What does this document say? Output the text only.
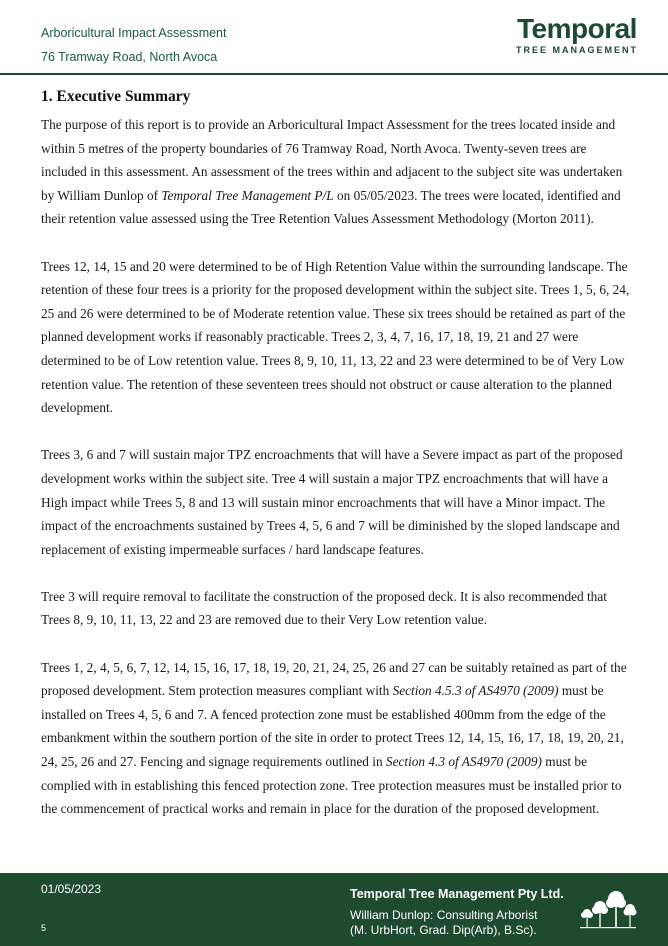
Arboricultural Impact Assessment
76 Tramway Road, North Avoca
Temporal
TREE MANAGEMENT
1. Executive Summary

The purpose of this report is to provide an Arboricultural Impact Assessment for the trees located inside and within 5 metres of the property boundaries of 76 Tramway Road, North Avoca. Twenty-seven trees are included in this assessment. An assessment of the trees within and adjacent to the subject site was undertaken by William Dunlop of Temporal Tree Management P/L on 05/05/2023. The trees were located, identified and their retention value assessed using the Tree Retention Values Assessment Methodology (Morton 2011).

Trees 12, 14, 15 and 20 were determined to be of High Retention Value within the surrounding landscape. The retention of these four trees is a priority for the proposed development within the subject site. Trees 1, 5, 6, 24, 25 and 26 were determined to be of Moderate retention value. These six trees should be retained as part of the planned development works if reasonably practicable. Trees 2, 3, 4, 7, 16, 17, 18, 19, 21 and 27 were determined to be of Low retention value. Trees 8, 9, 10, 11, 13, 22 and 23 were determined to be of Very Low retention value. The retention of these seventeen trees should not obstruct or cause alteration to the planned development.

Trees 3, 6 and 7 will sustain major TPZ encroachments that will have a Severe impact as part of the proposed development works within the subject site. Tree 4 will sustain a major TPZ encroachments that will have a High impact while Trees 5, 8 and 13 will sustain minor encroachments that will have a Minor impact. The impact of the encroachments sustained by Trees 4, 5, 6 and 7 will be diminished by the sloped landscape and replacement of existing impermeable surfaces / hard landscape features.

Tree 3 will require removal to facilitate the construction of the proposed deck. It is also recommended that Trees 8, 9, 10, 11, 13, 22 and 23 are removed due to their Very Low retention value.

Trees 1, 2, 4, 5, 6, 7, 12, 14, 15, 16, 17, 18, 19, 20, 21, 24, 25, 26 and 27 can be suitably retained as part of the proposed development. Stem protection measures compliant with Section 4.5.3 of AS4970 (2009) must be installed on Trees 4, 5, 6 and 7. A fenced protection zone must be established 400mm from the edge of the embankment within the southern portion of the site in order to protect Trees 12, 14, 15, 16, 17, 18, 19, 20, 21, 24, 25, 26 and 27. Fencing and signage requirements outlined in Section 4.3 of AS4970 (2009) must be complied with in establishing this fenced protection zone. Tree protection measures must be installed prior to the commencement of practical works and remain in place for the duration of the proposed development.

01/05/2023
5
Temporal Tree Management Pty Ltd.
William Dunlop: Consulting Arborist
(M. UrbHort, Grad. Dip(Arb), B.Sc).
